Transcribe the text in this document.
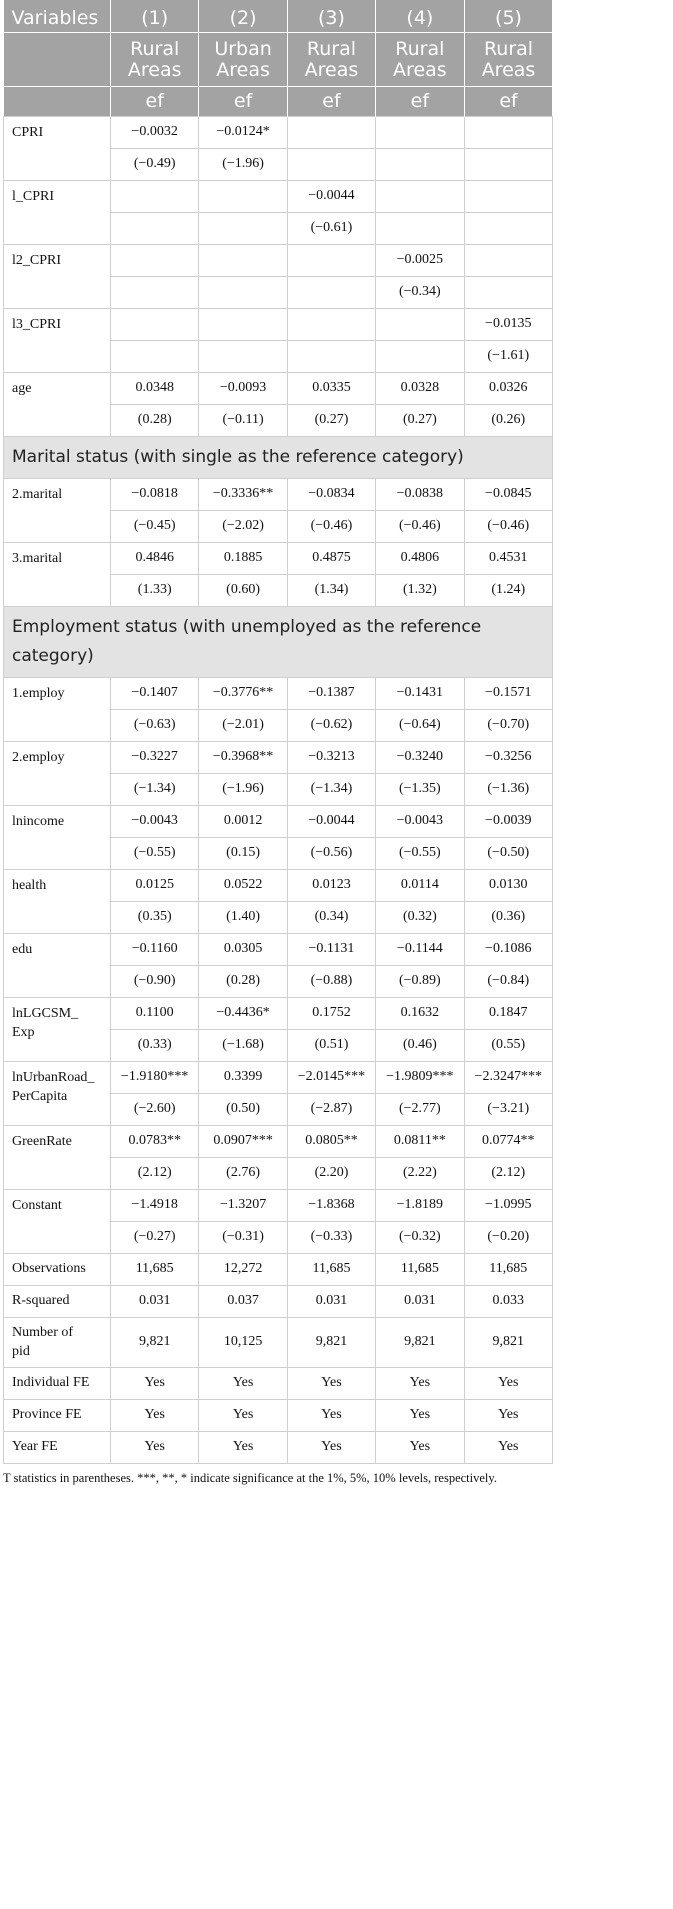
Variables	(1)	(2)	(3)	(4)	(5)
	Rural Areas	Urban Areas	Rural Areas	Rural Areas	Rural Areas
	ef	ef	ef	ef	ef
CPRI	−0.0032	−0.0124*			
	(−0.49)	(−1.96)			
l_CPRI			−0.0044		
			(−0.61)		
l2_CPRI				−0.0025	
				(−0.34)	
l3_CPRI					−0.0135
					(−1.61)
age	0.0348	−0.0093	0.0335	0.0328	0.0326
	(0.28)	(−0.11)	(0.27)	(0.27)	(0.26)
Marital status (with single as the reference category)					
2.marital	−0.0818	−0.3336**	−0.0834	−0.0838	−0.0845
	(−0.45)	(−2.02)	(−0.46)	(−0.46)	(−0.46)
3.marital	0.4846	0.1885	0.4875	0.4806	0.4531
	(1.33)	(0.60)	(1.34)	(1.32)	(1.24)
Employment status (with unemployed as the reference category)					
1.employ	−0.1407	−0.3776**	−0.1387	−0.1431	−0.1571
	(−0.63)	(−2.01)	(−0.62)	(−0.64)	(−0.70)
2.employ	−0.3227	−0.3968**	−0.3213	−0.3240	−0.3256
	(−1.34)	(−1.96)	(−1.34)	(−1.35)	(−1.36)
lnincome	−0.0043	0.0012	−0.0044	−0.0043	−0.0039
	(−0.55)	(0.15)	(−0.56)	(−0.55)	(−0.50)
health	0.0125	0.0522	0.0123	0.0114	0.0130
	(0.35)	(1.40)	(0.34)	(0.32)	(0.36)
edu	−0.1160	0.0305	−0.1131	−0.1144	−0.1086
	(−0.90)	(0.28)	(−0.88)	(−0.89)	(−0.84)
lnLGCSM_
Exp	0.1100	−0.4436*	0.1752	0.1632	0.1847
	(0.33)	(−1.68)	(0.51)	(0.46)	(0.55)
lnUrbanRoad_
PerCapita	−1.9180***	0.3399	−2.0145***	−1.9809***	−2.3247***
	(−2.60)	(0.50)	(−2.87)	(−2.77)	(−3.21)
GreenRate	0.0783**	0.0907***	0.0805**	0.0811**	0.0774**
	(2.12)	(2.76)	(2.20)	(2.22)	(2.12)
Constant	−1.4918	−1.3207	−1.8368	−1.8189	−1.0995
	(−0.27)	(−0.31)	(−0.33)	(−0.32)	(−0.20)
Observations	11,685	12,272	11,685	11,685	11,685
R-squared	0.031	0.037	0.031	0.031	0.033
Number of
pid	9,821	10,125	9,821	9,821	9,821
Individual FE	Yes	Yes	Yes	Yes	Yes
Province FE	Yes	Yes	Yes	Yes	Yes
Year FE	Yes	Yes	Yes	Yes	Yes
T statistics in parentheses. ***, **, * indicate significance at the 1%, 5%, 10% levels, respectively.
